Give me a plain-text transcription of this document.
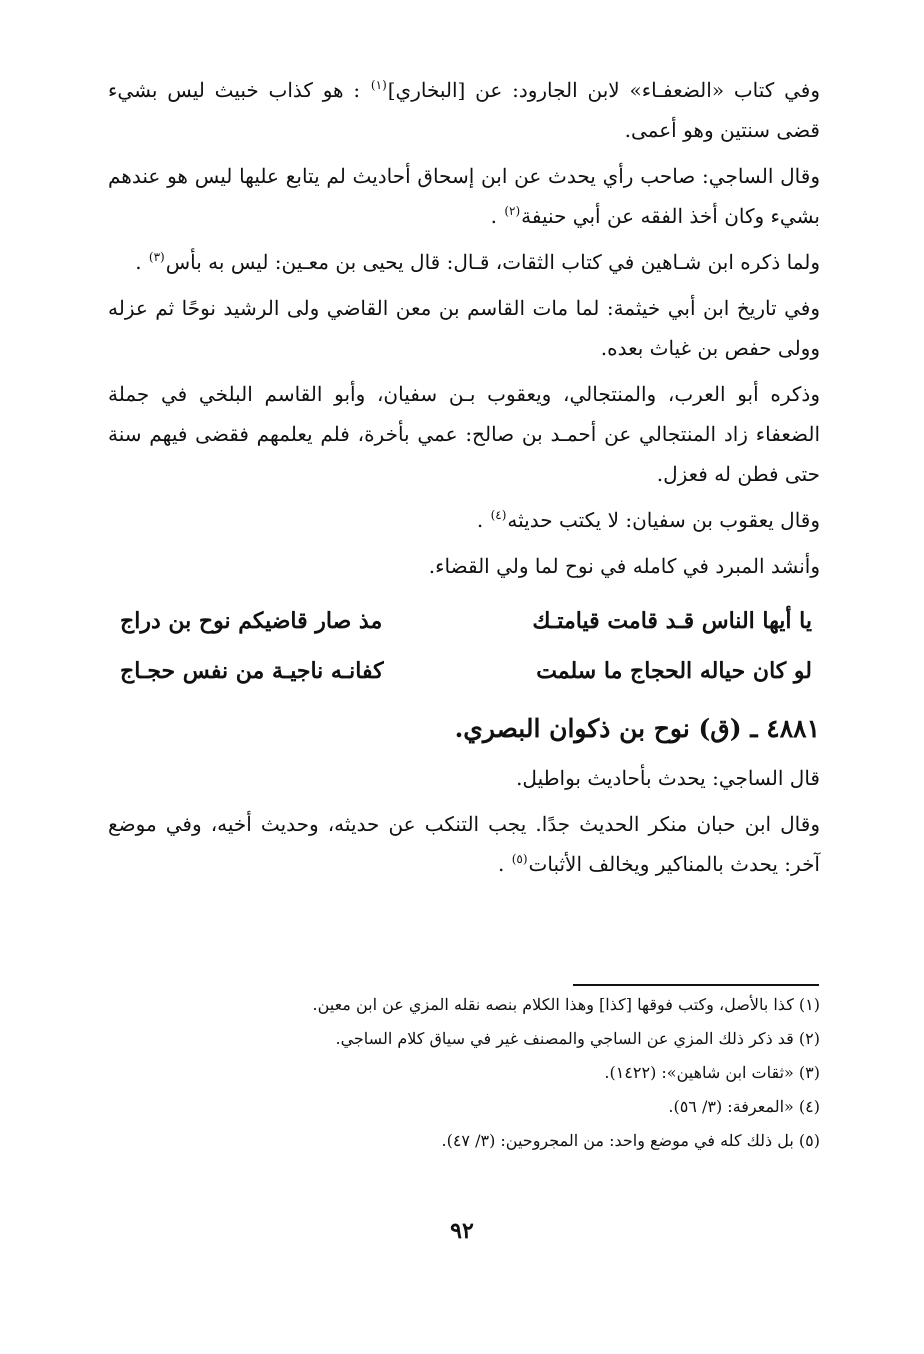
وفي كتاب «الضعفـاء» لابن الجارود: عن [البخاري]$^{(١)}$ : هو كذاب خبيث ليس بشيء قضى سنتين وهو أعمى.

وقال الساجي: صاحب رأي يحدث عن ابن إسحاق أحاديث لم يتابع عليها ليس هو عندهم بشيء وكان أخذ الفقه عن أبي حنيفة$^{(٢)}$ .

ولما ذكره ابن شـاهين في كتاب الثقات، قـال: قال يحيى بن معـين: ليس به بأس$^{(٣)}$ .

وفي تاريخ ابن أبي خيثمة: لما مات القاسم بن معن القاضي ولى الرشيد نوحًا ثم عزله وولى حفص بن غياث بعده.

وذكره أبو العرب، والمنتجالي، ويعقوب بـن سفيان، وأبو القاسم البلخي في جملة الضعفاء زاد المنتجالي عن أحمـد بن صالح: عمي بأخرة، فلم يعلمهم فقضى فيهم سنة حتى فطن له فعزل.

وقال يعقوب بن سفيان: لا يكتب حديثه$^{(٤)}$ .

وأنشد المبرد في كامله في نوح لما ولي القضاء.

يا أيها الناس قـد قامت قيامتـك
مذ صار قاضيكم نوح بن دراج
لو كان حياله الحجاج ما سلمت
كفانـه ناجيـة من نفس حجـاج
٤٨٨١ ـ (ق) نوح بن ذكوان البصري.

قال الساجي: يحدث بأحاديث بواطيل.

وقال ابن حبان منكر الحديث جدًا. يجب التنكب عن حديثه، وحديث أخيه، وفي موضع آخر: يحدث بالمناكير ويخالف الأثبات$^{(٥)}$ .

(١) كذا بالأصل، وكتب فوقها [كذا] وهذا الكلام بنصه نقله المزي عن ابن معين.

(٢) قد ذكر ذلك المزي عن الساجي والمصنف غير في سياق كلام الساجي.

(٣) «ثقات ابن شاهين»: (١٤٢٢).

(٤) «المعرفة: (٣/ ٥٦).

(٥) بل ذلك كله في موضع واحد: من المجروحين: (٣/ ٤٧).

٩٢
